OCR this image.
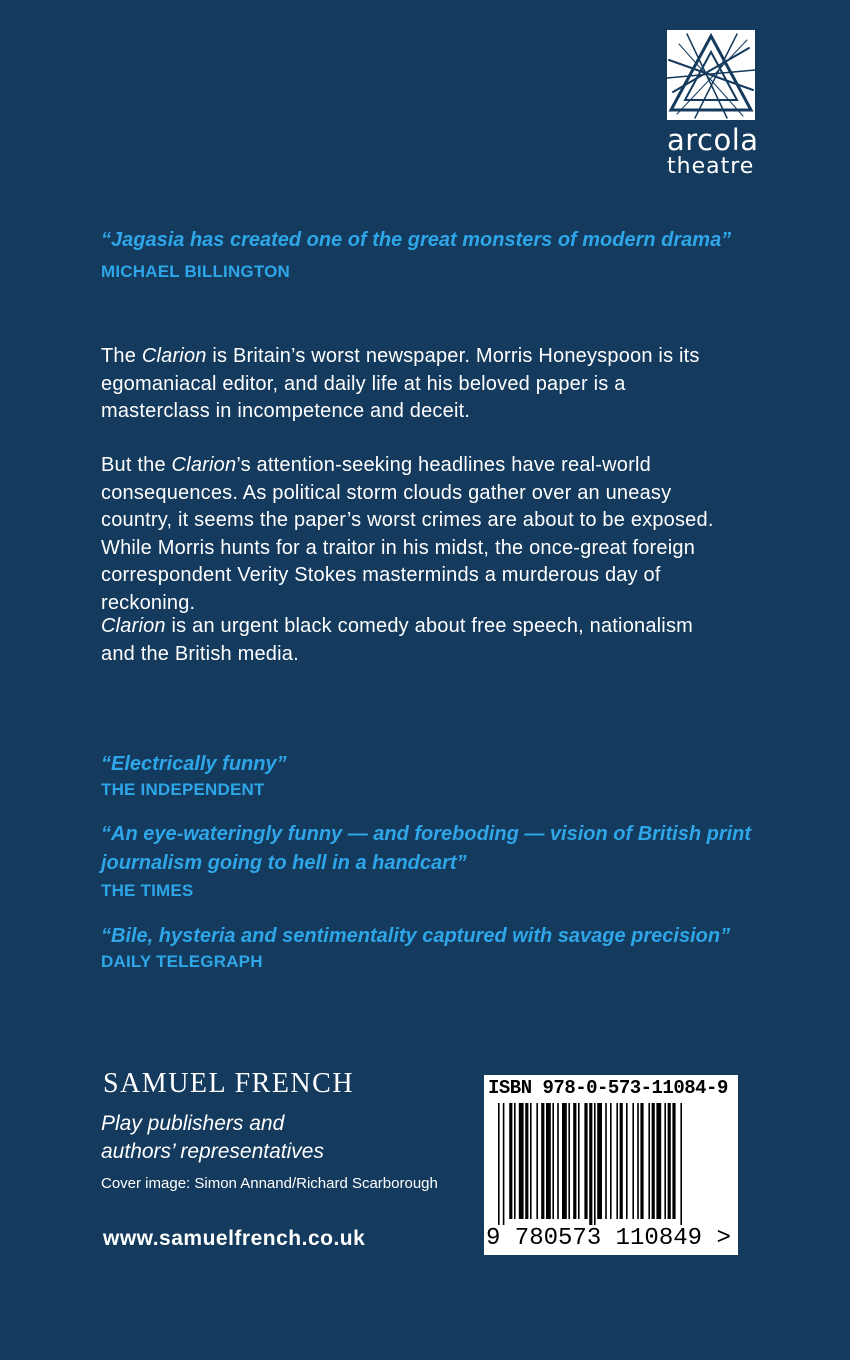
arcola
theatre

“Jagasia has created one of the great monsters of modern drama”

MICHAEL BILLINGTON

The Clarion is Britain’s worst newspaper. Morris Honeyspoon is its egomaniacal editor, and daily life at his beloved paper is a masterclass in incompetence and deceit.

But the Clarion’s attention-seeking headlines have real-world consequences. As political storm clouds gather over an uneasy country, it seems the paper’s worst crimes are about to be exposed. While Morris hunts for a traitor in his midst, the once-great foreign correspondent Verity Stokes masterminds a murderous day of reckoning.

Clarion is an urgent black comedy about free speech, nationalism and the British media.

“Electrically funny”

THE INDEPENDENT

“An eye-wateringly funny — and foreboding — vision of British print journalism going to hell in a handcart”

THE TIMES

“Bile, hysteria and sentimentality captured with savage precision”

DAILY TELEGRAPH

SAMUEL FRENCH
Play publishers and
authors’ representatives
Cover image: Simon Annand/Richard Scarborough
www.samuelfrench.co.uk
ISBN 978-0-573-11084-9
9 780573 110849 >
